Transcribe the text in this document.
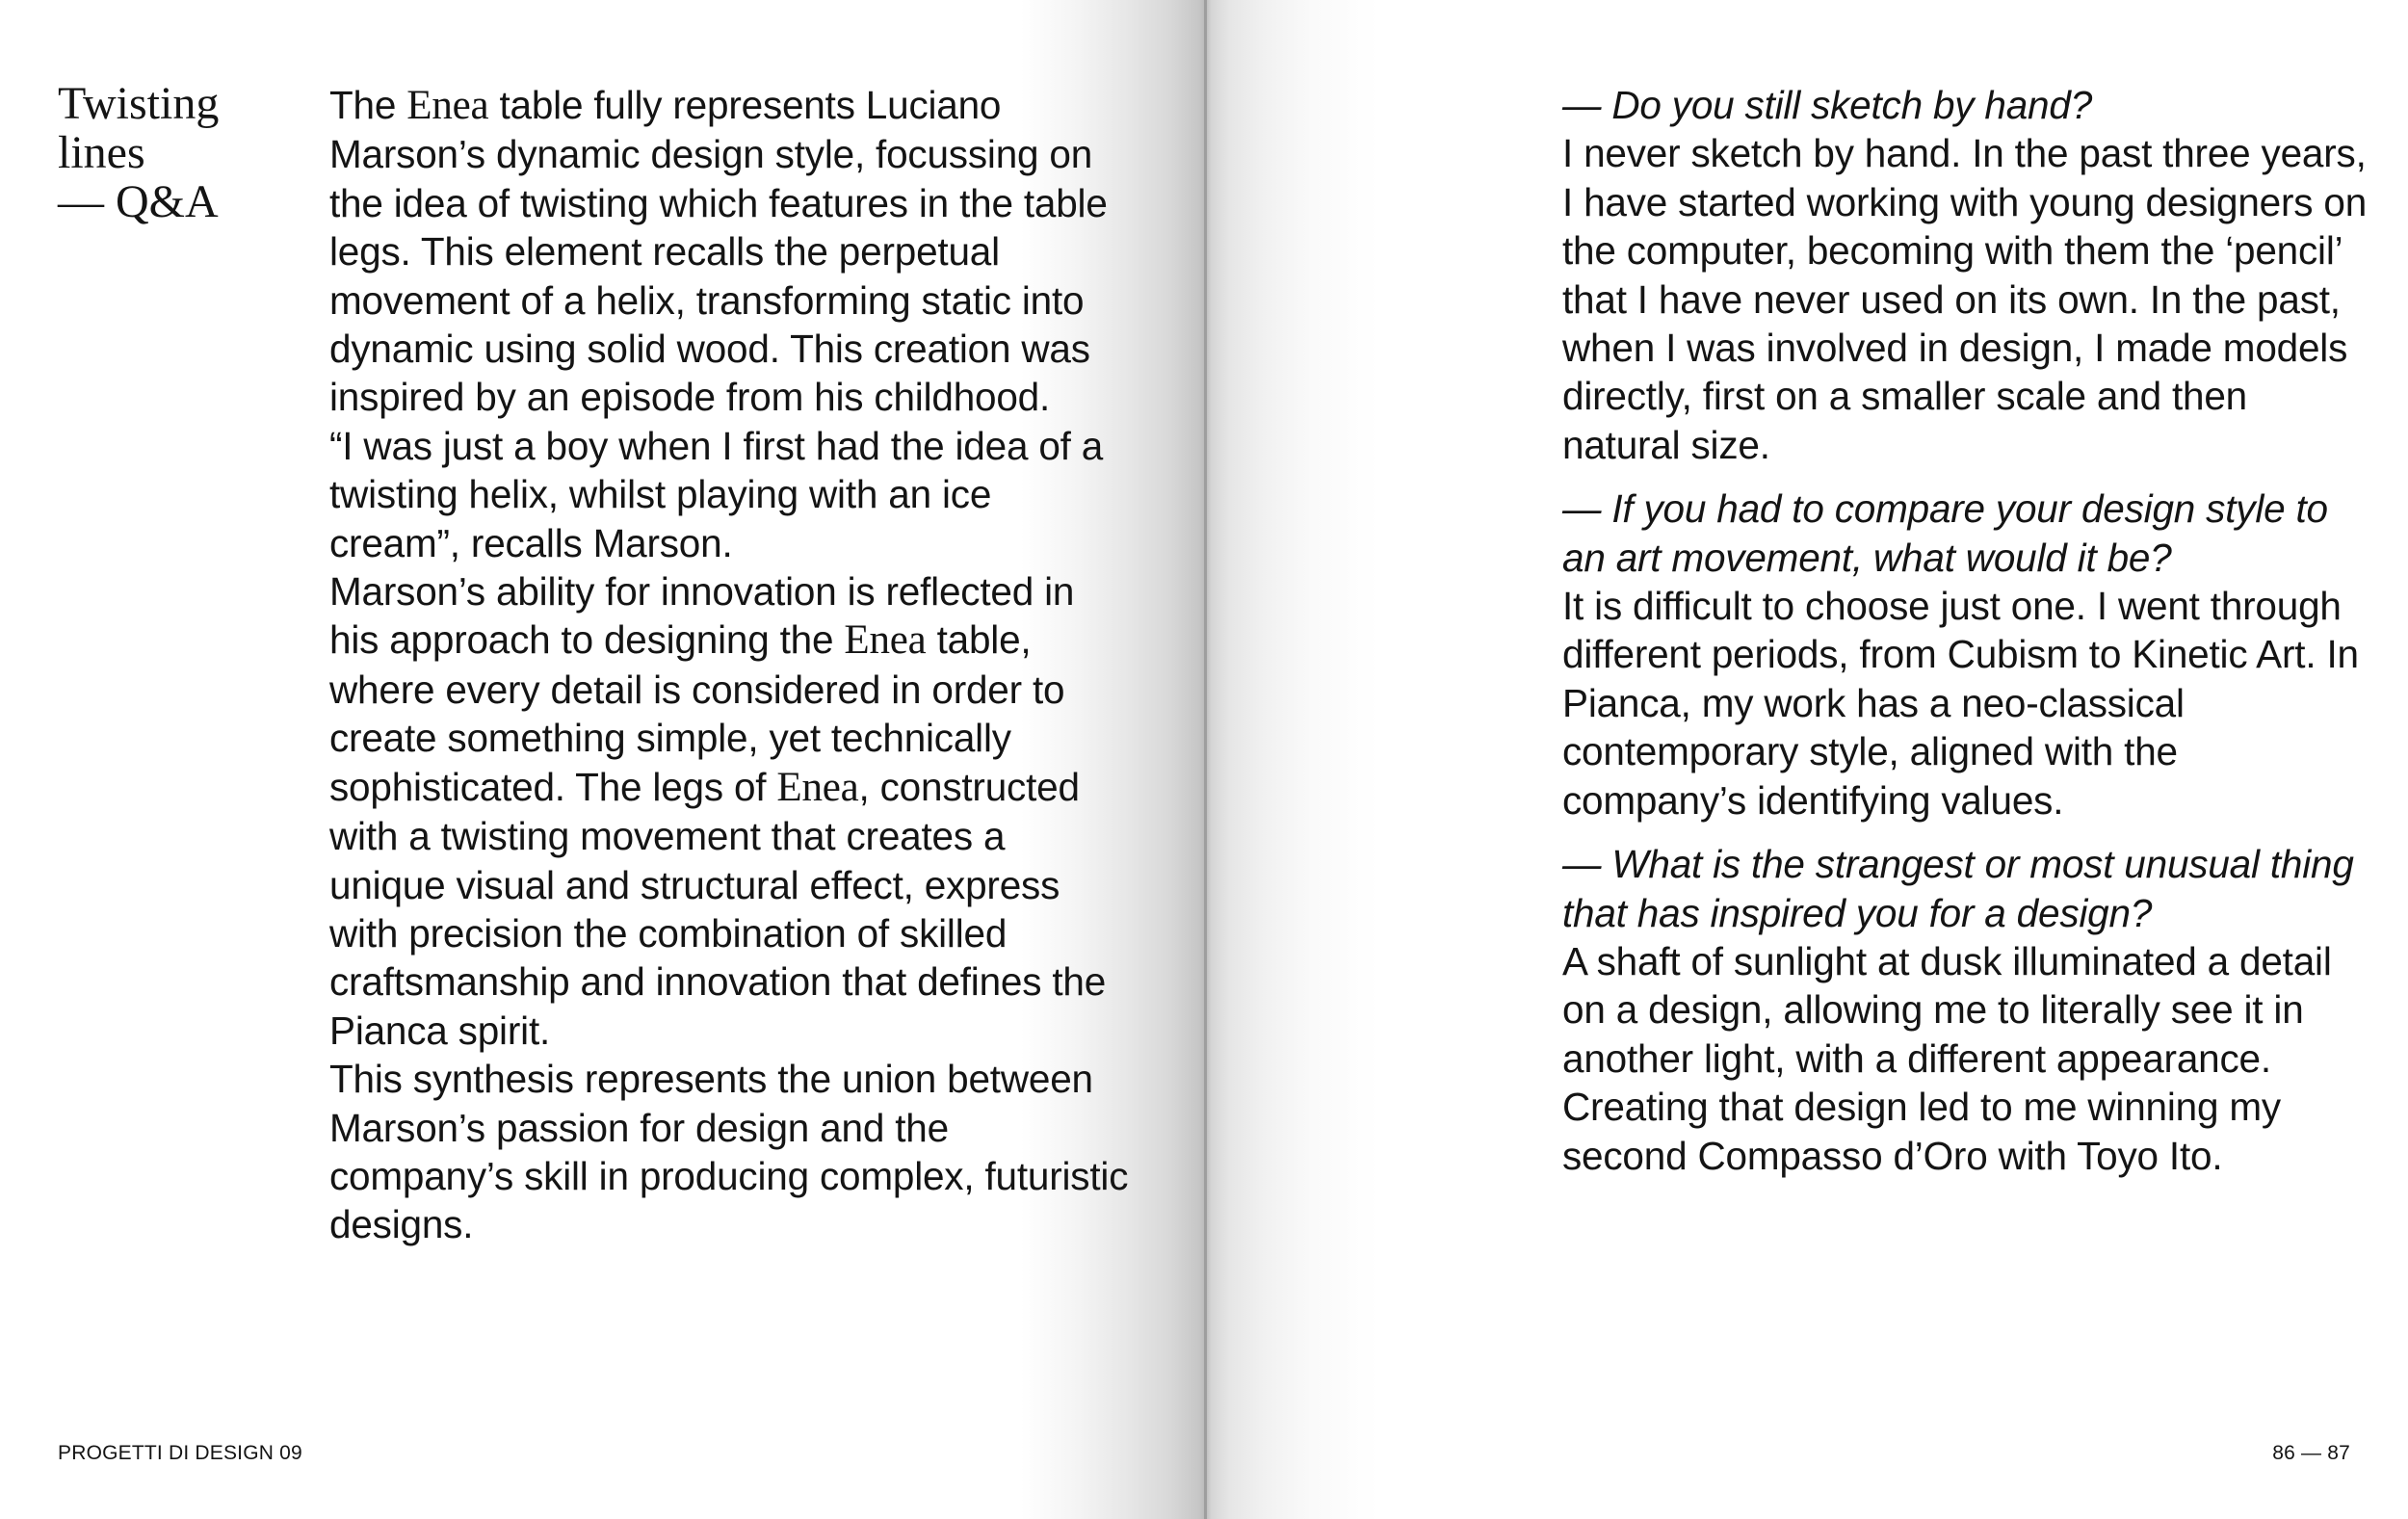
Twisting
lines
— Q&A

The Enea table fully represents Luciano Marson’s dynamic design style, focussing on the idea of twisting which features in the table legs. This element recalls the perpetual movement of a helix, transforming static into dynamic using solid wood. This creation was inspired by an episode from his childhood.

“I was just a boy when I first had the idea of a twisting helix, whilst playing with an ice cream”, recalls Marson.

Marson’s ability for innovation is reflected in his approach to designing the Enea table, where every detail is considered in order to create something simple, yet technically sophisticated. The legs of Enea, constructed with a twisting movement that creates a unique visual and structural effect, express with precision the combination of skilled craftsmanship and innovation that defines the Pianca spirit.

This synthesis represents the union between Marson’s passion for design and the company’s skill in producing complex, futuristic designs.

PROGETTI DI DESIGN 09

— Do you still sketch by hand?

I never sketch by hand. In the past three years, I have started working with young designers on the computer, becoming with them the ‘pencil’ that I have never used on its own. In the past, when I was involved in design, I made models directly, first on a smaller scale and then natural size.

— If you had to compare your design style to an art movement, what would it be?

It is difficult to choose just one. I went through different periods, from Cubism to Kinetic Art. In Pianca, my work has a neo-classical contemporary style, aligned with the company’s identifying values.

— What is the strangest or most unusual thing that has inspired you for a design?

A shaft of sunlight at dusk illuminated a detail on a design, allowing me to literally see it in another light, with a different appearance. Creating that design led to me winning my second Compasso d’Oro with Toyo Ito.

86 — 87
